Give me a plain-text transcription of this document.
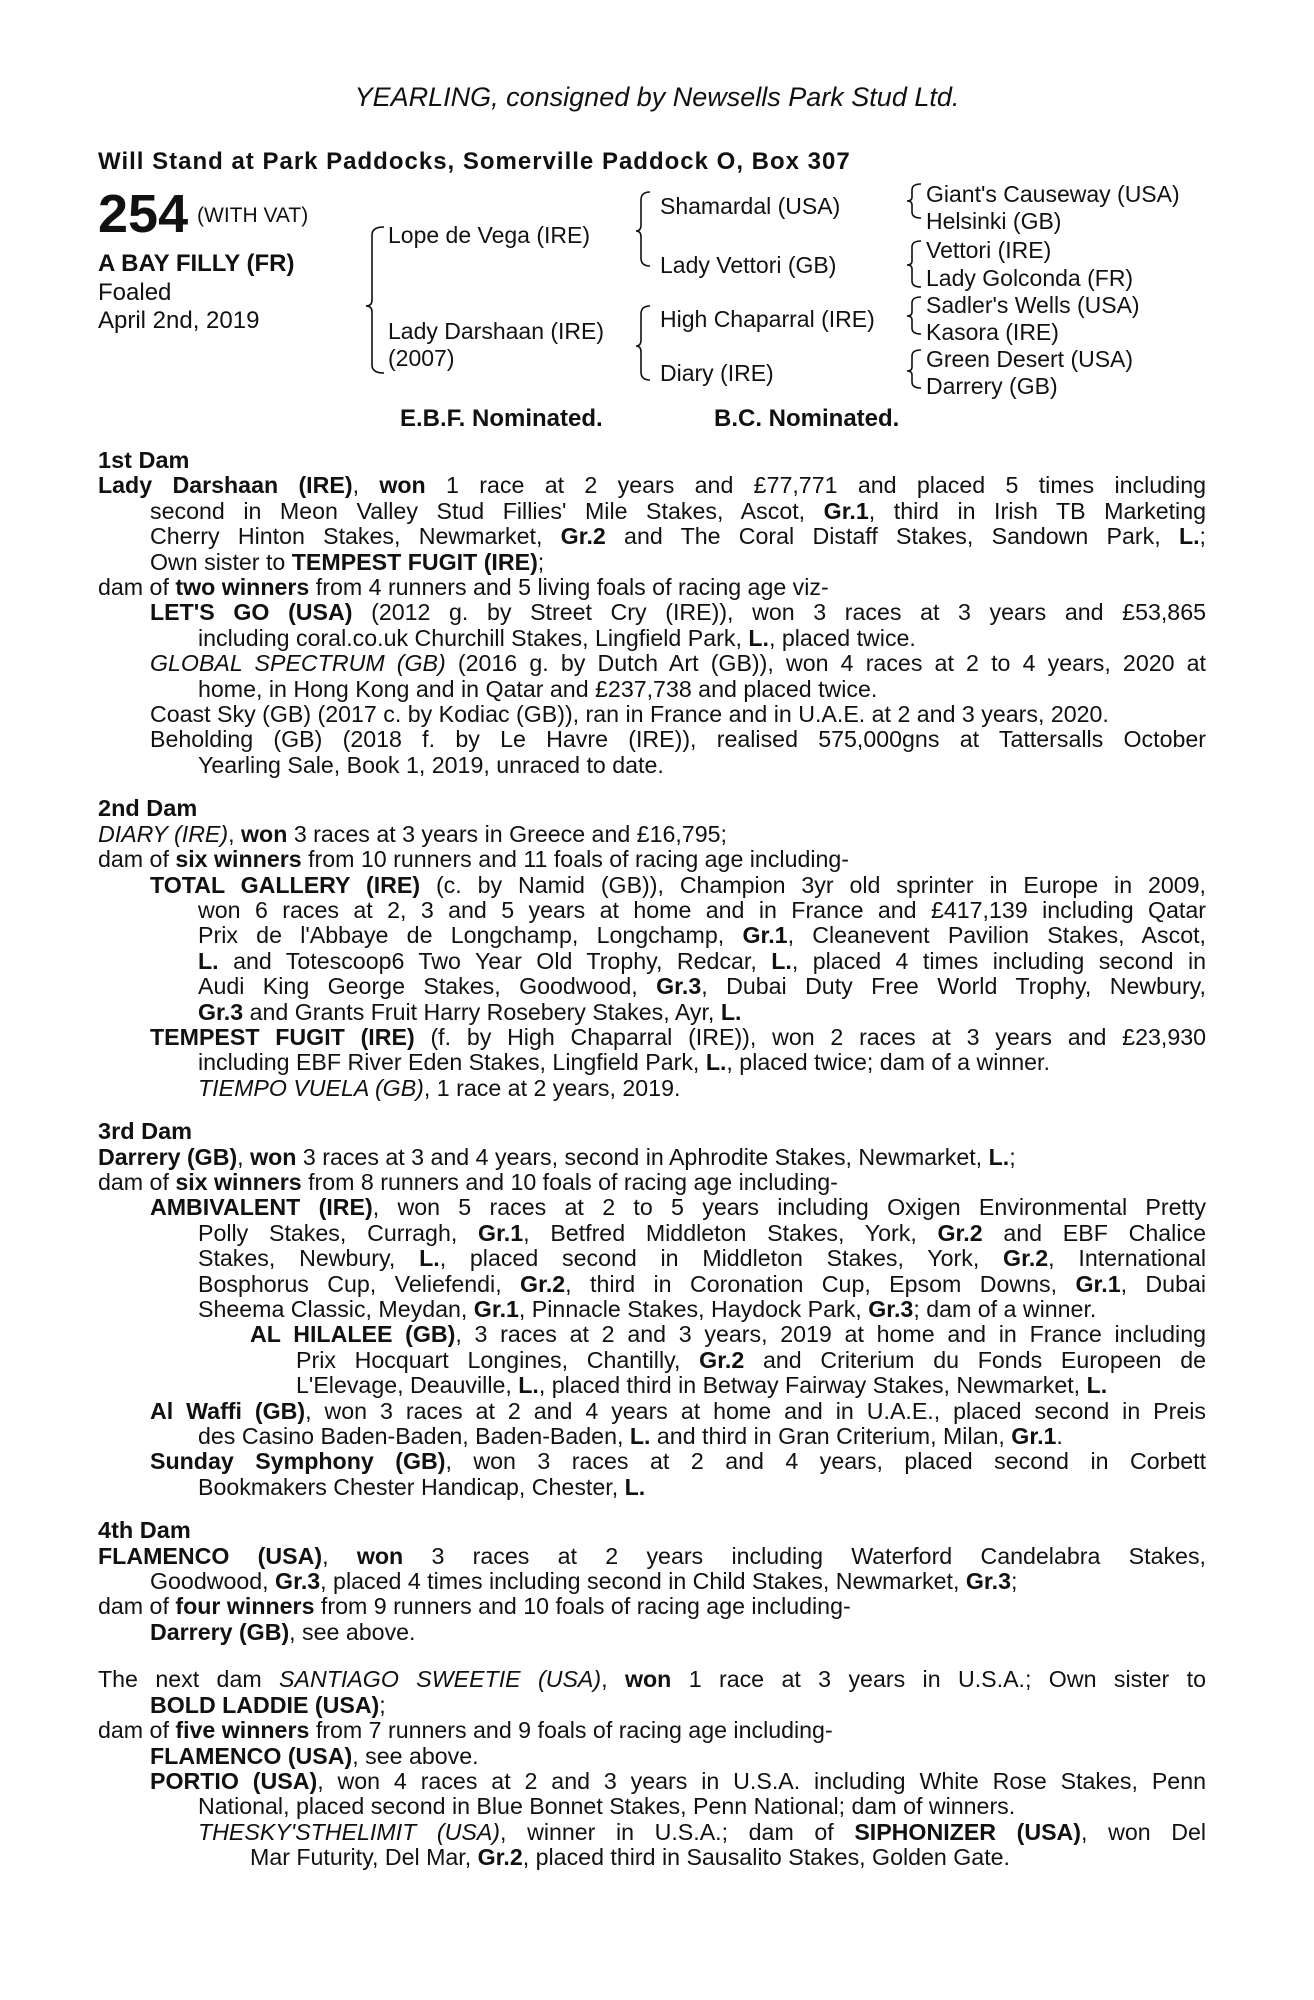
YEARLING, consigned by Newsells Park Stud Ltd.
Will Stand at Park Paddocks, Somerville Paddock O, Box 307
254 (WITH VAT)
A BAY FILLY (FR)
Foaled
April 2nd, 2019
Lope de Vega (IRE)
Lady Darshaan (IRE)
(2007)
Shamardal (USA)
Lady Vettori (GB)
High Chaparral (IRE)
Diary (IRE)
Giant's Causeway (USA)
Helsinki (GB)
Vettori (IRE)
Lady Golconda (FR)
Sadler's Wells (USA)
Kasora (IRE)
Green Desert (USA)
Darrery (GB)
E.B.F. Nominated.	B.C. Nominated.
1st Dam
Lady Darshaan (IRE), won 1 race at 2 years and £77,771 and placed 5 times including
second in Meon Valley Stud Fillies' Mile Stakes, Ascot, Gr.1, third in Irish TB Marketing
Cherry Hinton Stakes, Newmarket, Gr.2 and The Coral Distaff Stakes, Sandown Park, L.;
Own sister to TEMPEST FUGIT (IRE);
dam of two winners from 4 runners and 5 living foals of racing age viz-
LET'S GO (USA) (2012 g. by Street Cry (IRE)), won 3 races at 3 years and £53,865
including coral.co.uk Churchill Stakes, Lingfield Park, L., placed twice.
GLOBAL SPECTRUM (GB) (2016 g. by Dutch Art (GB)), won 4 races at 2 to 4 years, 2020 at
home, in Hong Kong and in Qatar and £237,738 and placed twice.
Coast Sky (GB) (2017 c. by Kodiac (GB)), ran in France and in U.A.E. at 2 and 3 years, 2020.
Beholding (GB) (2018 f. by Le Havre (IRE)), realised 575,000gns at Tattersalls October
Yearling Sale, Book 1, 2019, unraced to date.
2nd Dam
DIARY (IRE), won 3 races at 3 years in Greece and £16,795;
dam of six winners from 10 runners and 11 foals of racing age including-
TOTAL GALLERY (IRE) (c. by Namid (GB)), Champion 3yr old sprinter in Europe in 2009,
won 6 races at 2, 3 and 5 years at home and in France and £417,139 including Qatar
Prix de l'Abbaye de Longchamp, Longchamp, Gr.1, Cleanevent Pavilion Stakes, Ascot,
L. and Totescoop6 Two Year Old Trophy, Redcar, L., placed 4 times including second in
Audi King George Stakes, Goodwood, Gr.3, Dubai Duty Free World Trophy, Newbury,
Gr.3 and Grants Fruit Harry Rosebery Stakes, Ayr, L.
TEMPEST FUGIT (IRE) (f. by High Chaparral (IRE)), won 2 races at 3 years and £23,930
including EBF River Eden Stakes, Lingfield Park, L., placed twice; dam of a winner.
TIEMPO VUELA (GB), 1 race at 2 years, 2019.
3rd Dam
Darrery (GB), won 3 races at 3 and 4 years, second in Aphrodite Stakes, Newmarket, L.;
dam of six winners from 8 runners and 10 foals of racing age including-
AMBIVALENT (IRE), won 5 races at 2 to 5 years including Oxigen Environmental Pretty
Polly Stakes, Curragh, Gr.1, Betfred Middleton Stakes, York, Gr.2 and EBF Chalice
Stakes, Newbury, L., placed second in Middleton Stakes, York, Gr.2, International
Bosphorus Cup, Veliefendi, Gr.2, third in Coronation Cup, Epsom Downs, Gr.1, Dubai
Sheema Classic, Meydan, Gr.1, Pinnacle Stakes, Haydock Park, Gr.3; dam of a winner.
AL HILALEE (GB), 3 races at 2 and 3 years, 2019 at home and in France including
Prix Hocquart Longines, Chantilly, Gr.2 and Criterium du Fonds Europeen de
L'Elevage, Deauville, L., placed third in Betway Fairway Stakes, Newmarket, L.
Al Waffi (GB), won 3 races at 2 and 4 years at home and in U.A.E., placed second in Preis
des Casino Baden-Baden, Baden-Baden, L. and third in Gran Criterium, Milan, Gr.1.
Sunday Symphony (GB), won 3 races at 2 and 4 years, placed second in Corbett
Bookmakers Chester Handicap, Chester, L.
4th Dam
FLAMENCO (USA), won 3 races at 2 years including Waterford Candelabra Stakes,
Goodwood, Gr.3, placed 4 times including second in Child Stakes, Newmarket, Gr.3;
dam of four winners from 9 runners and 10 foals of racing age including-
Darrery (GB), see above.
The next dam SANTIAGO SWEETIE (USA), won 1 race at 3 years in U.S.A.; Own sister to
BOLD LADDIE (USA);
dam of five winners from 7 runners and 9 foals of racing age including-
FLAMENCO (USA), see above.
PORTIO (USA), won 4 races at 2 and 3 years in U.S.A. including White Rose Stakes, Penn
National, placed second in Blue Bonnet Stakes, Penn National; dam of winners.
THESKY'STHELIMIT (USA), winner in U.S.A.; dam of SIPHONIZER (USA), won Del
Mar Futurity, Del Mar, Gr.2, placed third in Sausalito Stakes, Golden Gate.
